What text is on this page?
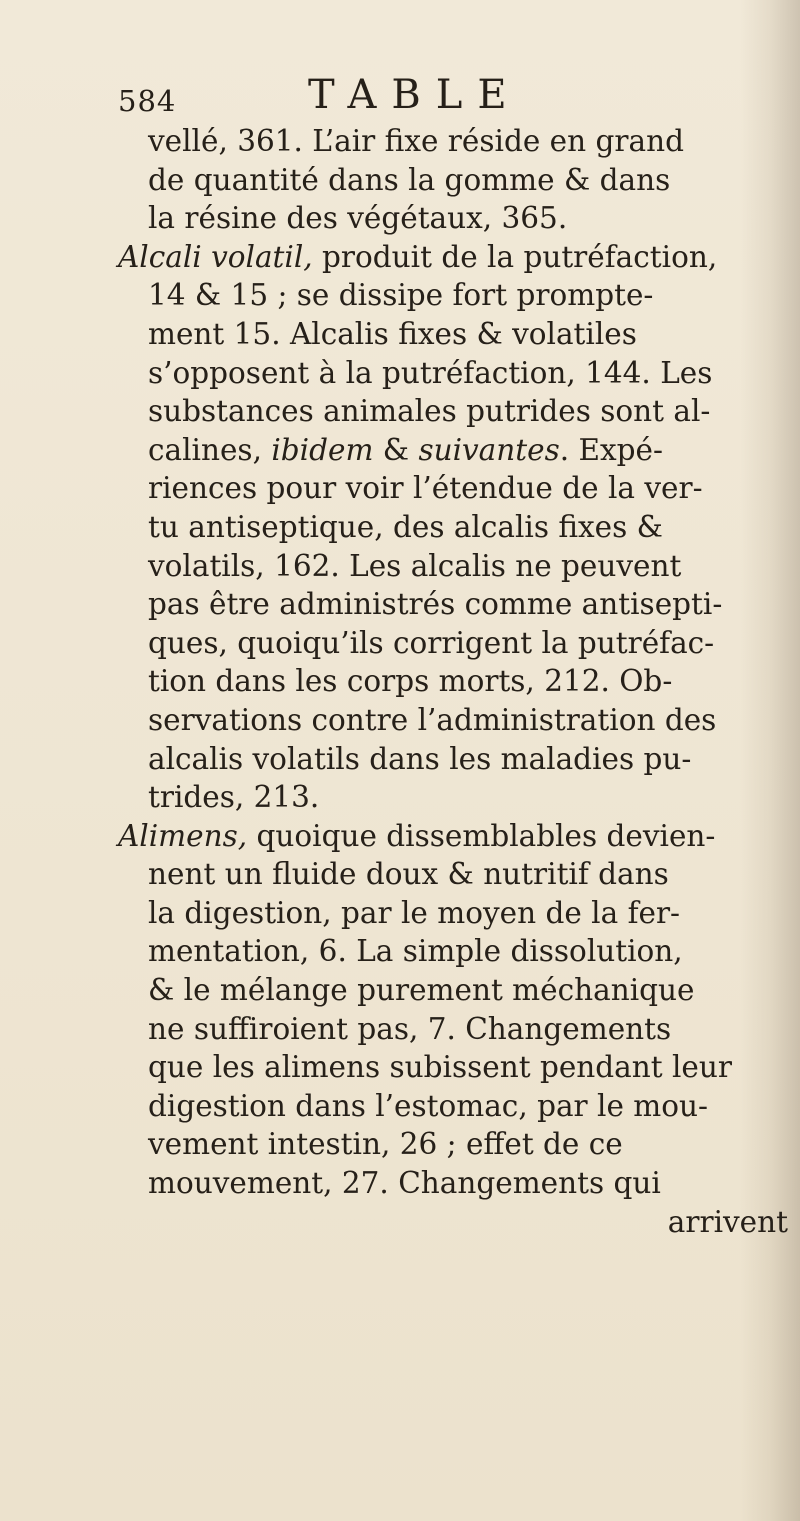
584	TABLE
vellé, 361. L’air fixe réside en grand
de quantité dans la gomme & dans
la résine des végétaux, 365.
Alcali volatil, produit de la putréfaction,
14 & 15 ; se dissipe fort prompte-
ment 15. Alcalis fixes & volatiles
s’opposent à la putréfaction, 144. Les
substances animales putrides sont al-
calines, ibidem & suivantes. Expé-
riences pour voir l’étendue de la ver-
tu antiseptique, des alcalis fixes &
volatils, 162. Les alcalis ne peuvent
pas être administrés comme antisepti-
ques, quoiqu’ils corrigent la putréfac-
tion dans les corps morts, 212. Ob-
servations contre l’administration des
alcalis volatils dans les maladies pu-
trides, 213.
Alimens, quoique dissemblables devien-
nent un fluide doux & nutritif dans
la digestion, par le moyen de la fer-
mentation, 6. La simple dissolution,
& le mélange purement méchanique
ne suffiroient pas, 7. Changements
que les alimens subissent pendant leur
digestion dans l’estomac, par le mou-
vement intestin, 26 ; effet de ce
mouvement, 27. Changements qui
arrivent
